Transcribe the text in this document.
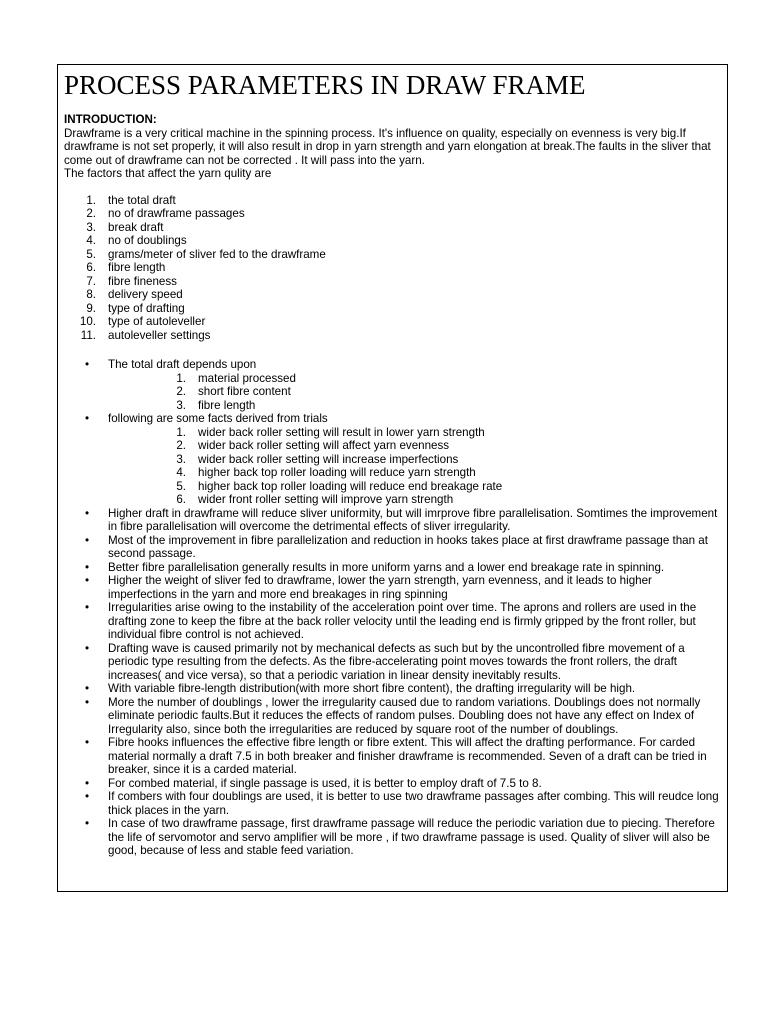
PROCESS PARAMETERS IN DRAW FRAME

INTRODUCTION:

Drawframe is a very critical machine in the spinning process. It's influence on quality, especially on evenness is very big.If drawframe is not set properly, it will also result in drop in yarn strength and yarn elongation at break.The faults in the sliver that come out of drawframe can not be corrected . It will pass into the yarn.

The factors that affect the yarn qulity are

1. the total draft
2. no of drawframe passages
3. break draft
4. no of doublings
5. grams/meter of sliver fed to the drawframe
6. fibre length
7. fibre fineness
8. delivery speed
9. type of drafting
10. type of autoleveller
11. autoleveller settings
• The total draft depends upon
1. material processed
2. short fibre content
3. fibre length
• following are some facts derived from trials
1. wider back roller setting will result in lower yarn strength
2. wider back roller setting will affect yarn evenness
3. wider back roller setting will increase imperfections
4. higher back top roller loading will reduce yarn strength
5. higher back top roller loading will reduce end breakage rate
6. wider front roller setting will improve yarn strength
• Higher draft in drawframe will reduce sliver uniformity, but will imrprove fibre parallelisation. Somtimes the improvement in fibre parallelisation will overcome the detrimental effects of sliver irregularity.
• Most of the improvement in fibre parallelization and reduction in hooks takes place at first drawframe passage than at second passage.
• Better fibre parallelisation generally results in more uniform yarns and a lower end breakage rate in spinning.
• Higher the weight of sliver fed to drawframe, lower the yarn strength, yarn evenness, and it leads to higher imperfections in the yarn and more end breakages in ring spinning
• Irregularities arise owing to the instability of the acceleration point over time. The aprons and rollers are used in the drafting zone to keep the fibre at the back roller velocity until the leading end is firmly gripped by the front roller, but individual fibre control is not achieved.
• Drafting wave is caused primarily not by mechanical defects as such but by the uncontrolled fibre movement of a periodic type resulting from the defects. As the fibre-accelerating point moves towards the front rollers, the draft increases( and vice versa), so that a periodic variation in linear density inevitably results.
• With variable fibre-length distribution(with more short fibre content), the drafting irregularity will be high.
• More the number of doublings , lower the irregularity caused due to random variations. Doublings does not normally eliminate periodic faults.But it reduces the effects of random pulses. Doubling does not have any effect on Index of Irregularity also, since both the irregularities are reduced by square root of the number of doublings.
• Fibre hooks influences the effective fibre length or fibre extent. This will affect the drafting performance. For carded material normally a draft 7.5 in both breaker and finisher drawframe is recommended. Seven of a draft can be tried in breaker, since it is a carded material.
• For combed material, if single passage is used, it is better to employ draft of 7.5 to 8.
• If combers with four doublings are used, it is better to use two drawframe passages after combing. This will reudce long thick places in the yarn.
• In case of two drawframe passage, first drawframe passage will reduce the periodic variation due to piecing. Therefore the life of servomotor and servo amplifier will be more , if two drawframe passage is used. Quality of sliver will also be good, because of less and stable feed variation.
